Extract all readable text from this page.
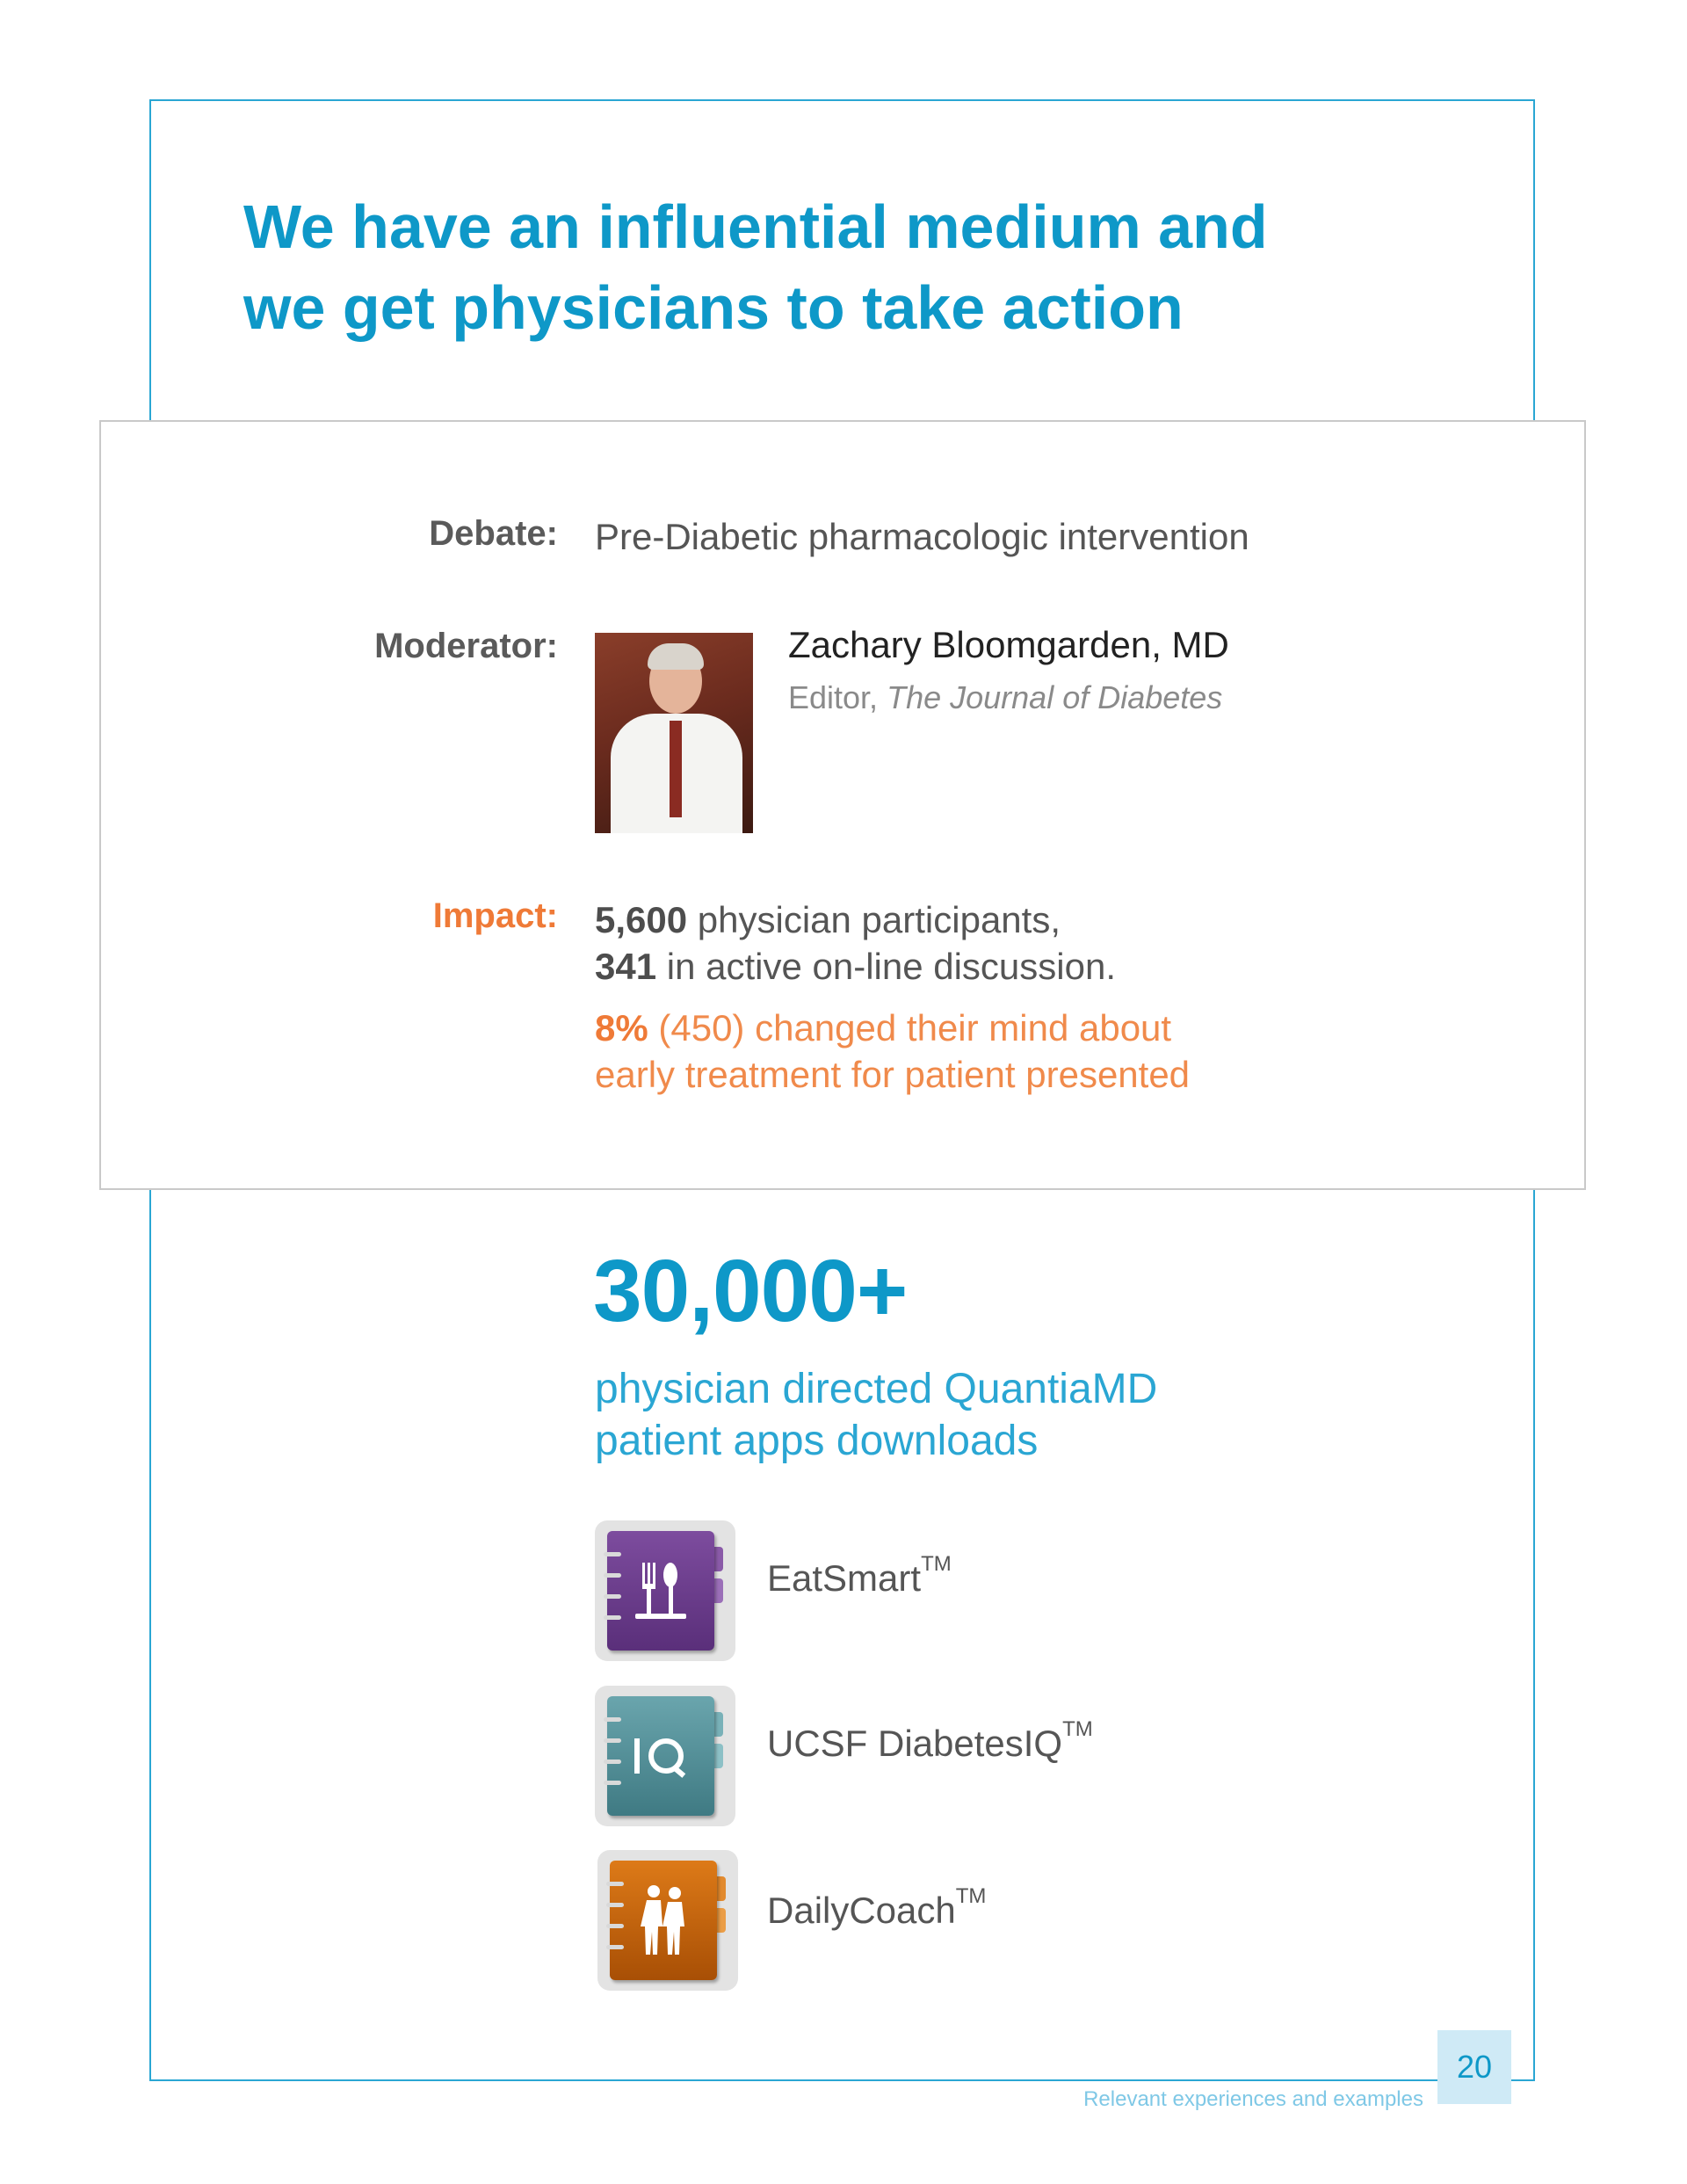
We have an influential medium and
we get physicians to take action
Debate: Pre-Diabetic pharmacologic intervention
Moderator:	Zachary Bloomgarden, MD
Editor, The Journal of Diabetes
Impact: 5,600 physician participants,
341 in active on-line discussion.
8% (450) changed their mind about
early treatment for patient presented
30,000+
physician directed QuantiaMD
patient apps downloads
EatSmart™
UCSF DiabetesIQ™
DailyCoach™
Relevant experiences and examples
20
